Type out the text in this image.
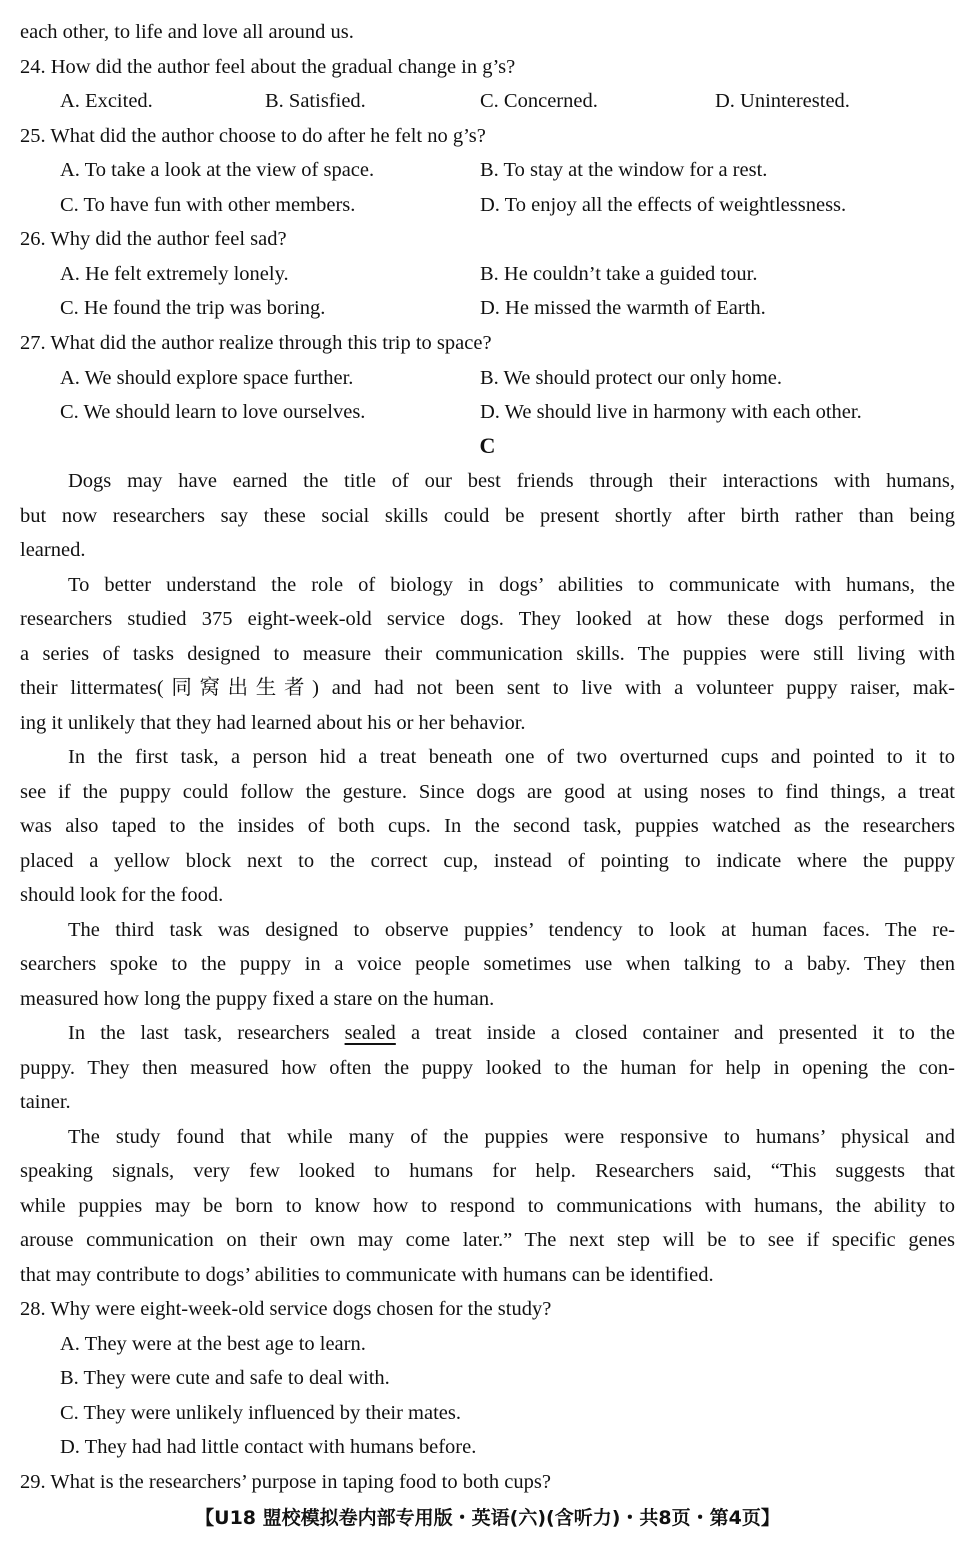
each other, to life and love all around us.
24. How did the author feel about the gradual change in g’s?
A. Excited.	B. Satisfied.	C. Concerned.	D. Uninterested.
25. What did the author choose to do after he felt no g’s?
A. To take a look at the view of space.	B. To stay at the window for a rest.
C. To have fun with other members.	D. To enjoy all the effects of weightlessness.
26. Why did the author feel sad?
A. He felt extremely lonely.	B. He couldn’t take a guided tour.
C. He found the trip was boring.	D. He missed the warmth of Earth.
27. What did the author realize through this trip to space?
A. We should explore space further.	B. We should protect our only home.
C. We should learn to love ourselves.	D. We should live in harmony with each other.
C
Dogs may have earned the title of our best friends through their interactions with humans,
but now researchers say these social skills could be present shortly after birth rather than being
learned.
To better understand the role of biology in dogs’ abilities to communicate with humans, the
researchers studied 375 eight-week-old service dogs. They looked at how these dogs performed in
a series of tasks designed to measure their communication skills. The puppies were still living with
their littermates(同窝出生者) and had not been sent to live with a volunteer puppy raiser, mak-
ing it unlikely that they had learned about his or her behavior.
In the first task, a person hid a treat beneath one of two overturned cups and pointed to it to
see if the puppy could follow the gesture. Since dogs are good at using noses to find things, a treat
was also taped to the insides of both cups. In the second task, puppies watched as the researchers
placed a yellow block next to the correct cup, instead of pointing to indicate where the puppy
should look for the food.
The third task was designed to observe puppies’ tendency to look at human faces. The re-
searchers spoke to the puppy in a voice people sometimes use when talking to a baby. They then
measured how long the puppy fixed a stare on the human.
In the last task, researchers sealed a treat inside a closed container and presented it to the
puppy. They then measured how often the puppy looked to the human for help in opening the con-
tainer.
The study found that while many of the puppies were responsive to humans’ physical and
speaking signals, very few looked to humans for help. Researchers said, “This suggests that
while puppies may be born to know how to respond to communications with humans, the ability to
arouse communication on their own may come later.” The next step will be to see if specific genes
that may contribute to dogs’ abilities to communicate with humans can be identified.
28. Why were eight-week-old service dogs chosen for the study?
A. They were at the best age to learn.
B. They were cute and safe to deal with.
C. They were unlikely influenced by their mates.
D. They had had little contact with humans before.
29. What is the researchers’ purpose in taping food to both cups?
【U18 盟校模拟卷内部专用版・英语(六)(含听力)・共8页・第4页】
